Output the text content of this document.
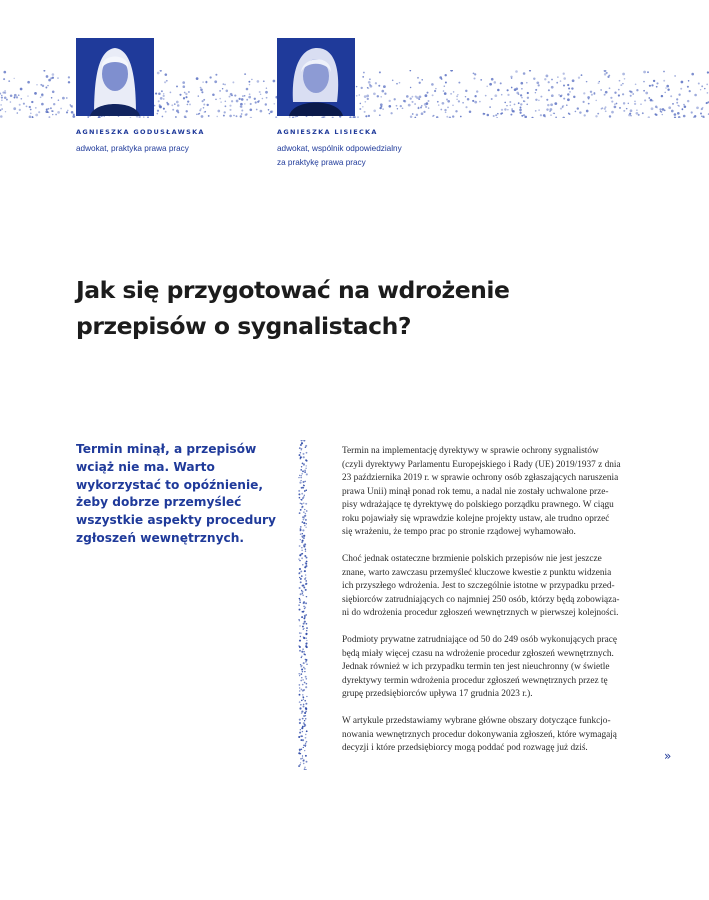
AGNIESZKA GODUSŁAWSKA
adwokat, praktyka prawa pracy
AGNIESZKA LISIECKA
adwokat, wspólnik odpowiedzialny
za praktykę prawa pracy
Jak się przygotować na wdrożenie
przepisów o sygnalistach?

Termin minął, a przepisów
wciąż nie ma. Warto
wykorzystać to opóźnienie,
żeby dobrze przemyśleć
wszystkie aspekty procedury
zgłoszeń wewnętrznych.

Termin na implementację dyrektywy w sprawie ochrony sygnalistów
(czyli dyrektywy Parlamentu Europejskiego i Rady (UE) 2019/1937 z dnia
23 października 2019 r. w sprawie ochrony osób zgłaszających naruszenia
prawa Unii) minął ponad rok temu, a nadal nie zostały uchwalone prze-
pisy wdrażające tę dyrektywę do polskiego porządku prawnego. W ciągu
roku pojawiały się wprawdzie kolejne projekty ustaw, ale trudno oprzeć
się wrażeniu, że tempo prac po stronie rządowej wyhamowało.

Choć jednak ostateczne brzmienie polskich przepisów nie jest jeszcze
znane, warto zawczasu przemyśleć kluczowe kwestie z punktu widzenia
ich przyszłego wdrożenia. Jest to szczególnie istotne w przypadku przed-
siębiorców zatrudniających co najmniej 250 osób, którzy będą zobowiąza-
ni do wdrożenia procedur zgłoszeń wewnętrznych w pierwszej kolejności.

Podmioty prywatne zatrudniające od 50 do 249 osób wykonujących pracę
będą miały więcej czasu na wdrożenie procedur zgłoszeń wewnętrznych.
Jednak również w ich przypadku termin ten jest nieuchronny (w świetle
dyrektywy termin wdrożenia procedur zgłoszeń wewnętrznych przez tę
grupę przedsiębiorców upływa 17 grudnia 2023 r.).

W artykule przedstawiamy wybrane główne obszary dotyczące funkcjo-
nowania wewnętrznych procedur dokonywania zgłoszeń, które wymagają
decyzji i które przedsiębiorcy mogą poddać pod rozwagę już dziś.

»
